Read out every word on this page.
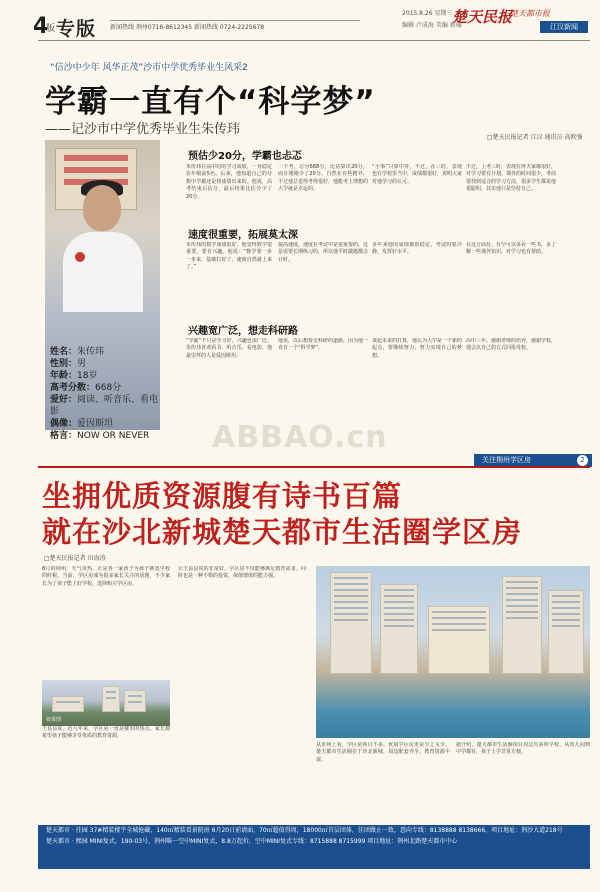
4
版 专版 新闻热线 荆州0716-8612345 新闻热线 0724-2225678
2015.8.26 星期三
编辑 卢成海 美编 蒋翰
楚天民报
楚天都市报
江汉新闻
“信沙中少年 风华正茂”沙市中学优秀毕业生风采2
学霸一直有个“科学梦”
——记沙市中学优秀毕业生朱传玮
□楚天民报记者 江汉 通讯员 高欧强
姓名：朱传玮
性别：男
年龄：18岁
高考分数：668分
爱好：阅读、听音乐、看电影
偶像：爱因斯坦
格言：NOW OR NEVER
预估少20分，学霸也忐忑
速度很重要，拓展莫太深
兴趣宽广泛，想走科研路
朱传玮在高中时的学习成绩，一直稳定在年级前5名。后来，他知道自己的分数中学都还是将成绩出来的。他说，高考结束后估分，最后结果比估分少了20分。
一下考，总分668分，比估算出20分，而且刚刚少了20分。自然在有些精外，不过他总觉得考得很好，他能考上理想的大学就是幸运的。
“小事”只算中等，不过，在三时，表现也在学校里当中，成绩都很好，说明大家对他学习的认可。
不过，上考三时，表现在得天家都很好，对学习要有计划。课外的时间很少，考前要找到适合的学习方法，很多学生都说他很聪明，其实他只是坚持自己。
朱传玮的数学成绩很好，他觉得数学很重要，要有兴趣。他说：“数学要一步一步来，基础打好了，速度自然就上来了。”
提高速度，速度在考试中是很重要的，这是需要长期练习的，所以他平时做题都会计时。
多年来他的成绩都很稳定，考试时要冷静，发挥好水平。
在这方面有，有空可以多看一些书，多了解一些课外知识，对学习也有帮助。
“学霸”不只是学习好，兴趣也很广泛。朱传玮喜欢看书、听音乐、看电影，他最崇拜的人是爱因斯坦。
他说，以后想要走科研的道路，因为他一直有一个“科学梦”。
谈起未来的打算，他认为大学是一个新的起点，要继续努力，努力实现自己的梦想。
高中三年，感谢老师的培养，感谢学校，他会以自己的方式回报母校。
ABBAO.cn
关注荆州学区房	2
坐拥优质资源腹有诗书百篇
就在沙北新城楚天都市生活圈学区房
□楚天民报记者 田海涛
8月的荆州，天气炎热，正是各一家孩子为孩子挑选学校的时候。当前，学区房成为很多家长关注的话题，不少家长为了孩子能上好学校，选择购买学区房。
让王县县说的非常好，学区房不仅能够满足教育需求，同时也是一种不错的投资，保值增值的能力强。
王县县说，近几年来，学区房一直是楼市的热点。家长都希望孩子能够享受优质的教育资源。
从市场上看，学区房项目不多，优质学区房更是少之又少。楚天都市生活圈位于沙北新城，周边配套齐全，教育资源丰富。
据介绍，楚天都市生活圈项目周边有多所学校，从幼儿园到中学都有，孩子上学非常方便。
效果图
楚天都市 · 佳园 37#精装楼宇全城抢藏，140㎡精装看景院房 6月20日前请面，70㎡超值得周，18000㎡首层团体，佳团做止一致，意向专线：8138888 8138666，项目地址：荆沙大道218号
楚天都市 · 熙园 MINI复式，190-03号，荆州唯一空中MINI复式，8.8万起价，空中MINI复式专线：8715888 8715999 项目地址：荆州北路楚天都市中心
